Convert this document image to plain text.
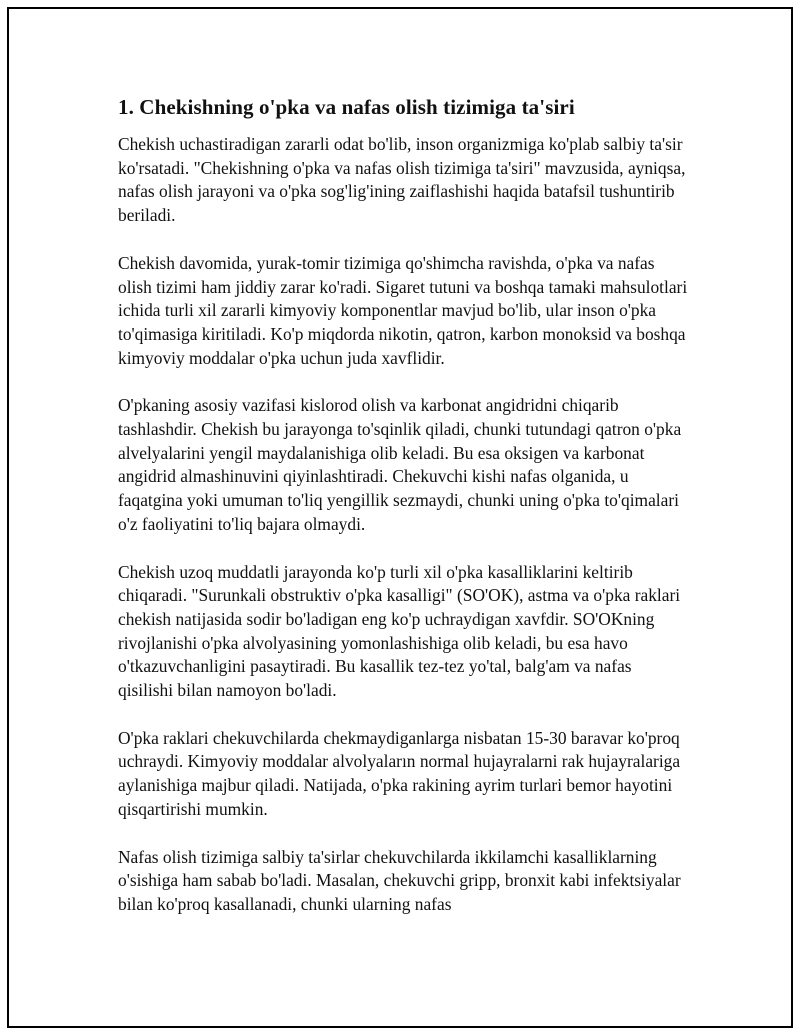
1. Chekishning o'pka va nafas olish tizimiga ta'siri

Chekish uchastiradigan zararli odat bo'lib, inson organizmiga ko'plab salbiy ta'sir ko'rsatadi. "Chekishning o'pka va nafas olish tizimiga ta'siri" mavzusida, ayniqsa, nafas olish jarayoni va o'pka sog'lig'ining zaiflashishi haqida batafsil tushuntirib beriladi.

Chekish davomida, yurak-tomir tizimiga qo'shimcha ravishda, o'pka va nafas olish tizimi ham jiddiy zarar ko'radi. Sigaret tutuni va boshqa tamaki mahsulotlari ichida turli xil zararli kimyoviy komponentlar mavjud bo'lib, ular inson o'pka to'qimasiga kiritiladi. Ko'p miqdorda nikotin, qatron, karbon monoksid va boshqa kimyoviy moddalar o'pka uchun juda xavflidir.

O'pkaning asosiy vazifasi kislorod olish va karbonat angidridni chiqarib tashlashdir. Chekish bu jarayonga to'sqinlik qiladi, chunki tutundagi qatron o'pka alvelyalarini yengil maydalanishiga olib keladi. Bu esa oksigen va karbonat angidrid almashinuvini qiyinlashtiradi. Chekuvchi kishi nafas olganida, u faqatgina yoki umuman to'liq yengillik sezmaydi, chunki uning o'pka to'qimalari o'z faoliyatini to'liq bajara olmaydi.

Chekish uzoq muddatli jarayonda ko'p turli xil o'pka kasalliklarini keltirib chiqaradi. "Surunkali obstruktiv o'pka kasalligi" (SO'OK), astma va o'pka raklari chekish natijasida sodir bo'ladigan eng ko'p uchraydigan xavfdir. SO'OKning rivojlanishi o'pka alvolyasining yomonlashishiga olib keladi, bu esa havo o'tkazuvchanligini pasaytiradi. Bu kasallik tez-tez yo'tal, balg'am va nafas qisilishi bilan namoyon bo'ladi.

O'pka raklari chekuvchilarda chekmaydiganlarga nisbatan 15-30 baravar ko'proq uchraydi. Kimyoviy moddalar alvolyaların normal hujayralarni rak hujayralariga aylanishiga majbur qiladi. Natijada, o'pka rakining ayrim turlari bemor hayotini qisqartirishi mumkin.

Nafas olish tizimiga salbiy ta'sirlar chekuvchilarda ikkilamchi kasalliklarning o'sishiga ham sabab bo'ladi. Masalan, chekuvchi gripp, bronxit kabi infektsiyalar bilan ko'proq kasallanadi, chunki ularning nafas
